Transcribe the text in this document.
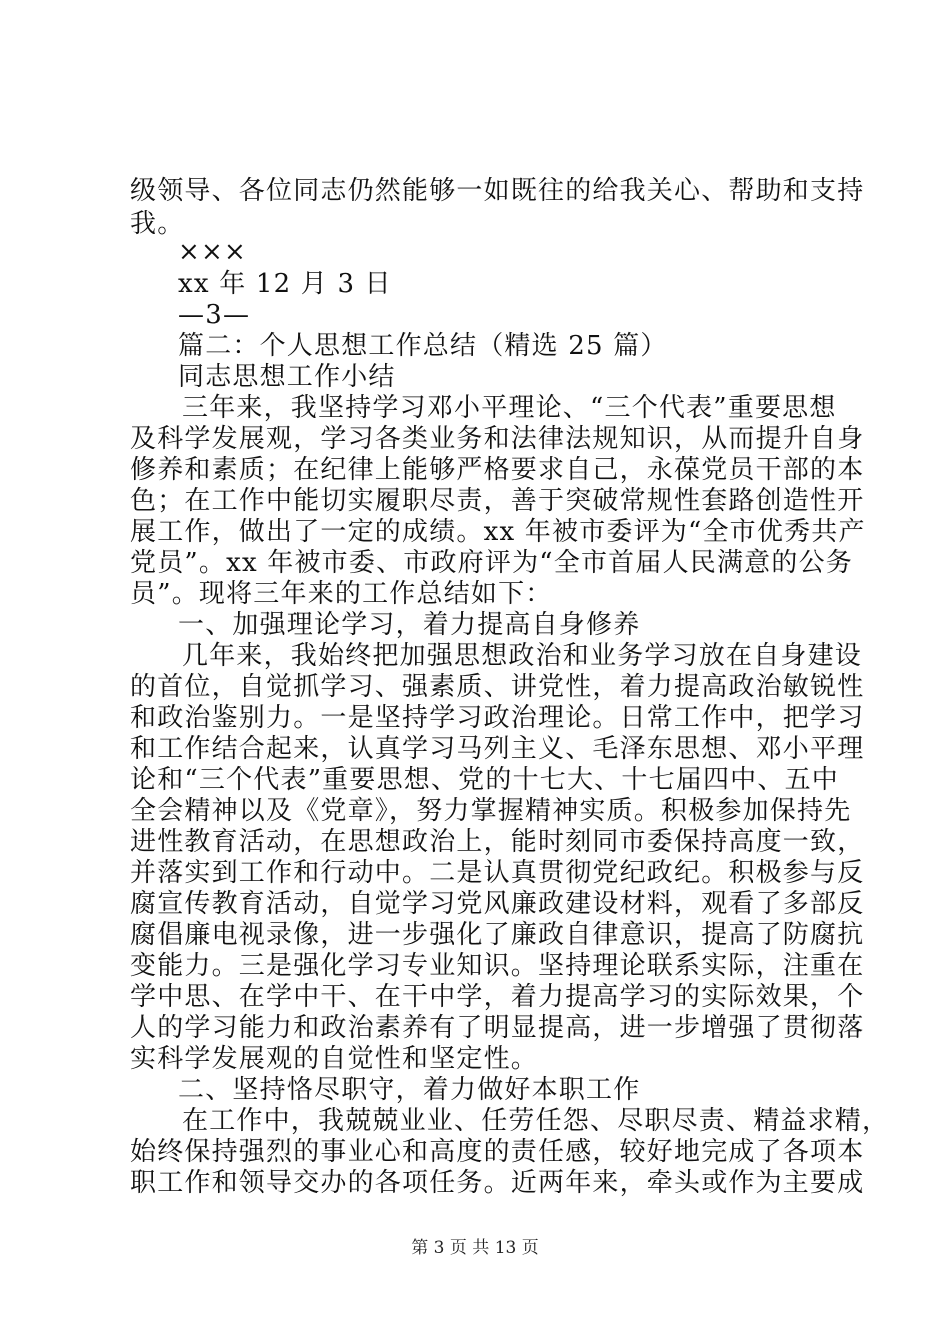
级领导、各位同志仍然能够一如既往的给我关心、帮助和支持
我。
×××
xx 年 12 月 3 日
—3—
篇二：个人思想工作总结（精选 25 篇）
同志思想工作小结
三年来，我坚持学习邓小平理论、“三个代表”重要思想
及科学发展观，学习各类业务和法律法规知识，从而提升自身
修养和素质；在纪律上能够严格要求自己，永葆党员干部的本
色；在工作中能切实履职尽责，善于突破常规性套路创造性开
展工作，做出了一定的成绩。xx 年被市委评为“全市优秀共产
党员”。xx 年被市委、市政府评为“全市首届人民满意的公务
员”。现将三年来的工作总结如下：
一、加强理论学习，着力提高自身修养
几年来，我始终把加强思想政治和业务学习放在自身建设
的首位，自觉抓学习、强素质、讲党性，着力提高政治敏锐性
和政治鉴别力。一是坚持学习政治理论。日常工作中，把学习
和工作结合起来，认真学习马列主义、毛泽东思想、邓小平理
论和“三个代表”重要思想、党的十七大、十七届四中、五中
全会精神以及《党章》，努力掌握精神实质。积极参加保持先
进性教育活动，在思想政治上，能时刻同市委保持高度一致，
并落实到工作和行动中。二是认真贯彻党纪政纪。积极参与反
腐宣传教育活动，自觉学习党风廉政建设材料，观看了多部反
腐倡廉电视录像，进一步强化了廉政自律意识，提高了防腐抗
变能力。三是强化学习专业知识。坚持理论联系实际，注重在
学中思、在学中干、在干中学，着力提高学习的实际效果，个
人的学习能力和政治素养有了明显提高，进一步增强了贯彻落
实科学发展观的自觉性和坚定性。
二、坚持恪尽职守，着力做好本职工作
在工作中，我兢兢业业、任劳任怨、尽职尽责、精益求精，
始终保持强烈的事业心和高度的责任感，较好地完成了各项本
职工作和领导交办的各项任务。近两年来，牵头或作为主要成
第 3 页 共 13 页
